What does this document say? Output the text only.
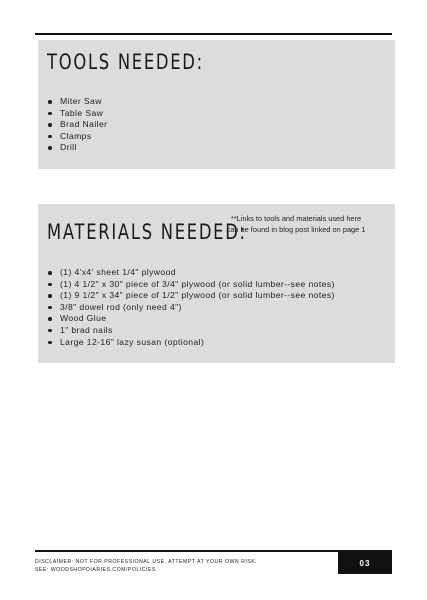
TOOLS NEEDED:
Miter Saw
Table Saw
Brad Nailer
Clamps
Drill
MATERIALS NEEDED:
**Links to tools and materials used here
can be found in blog post linked on page 1
(1) 4'x4' sheet 1/4" plywood
(1) 4 1/2" x 30" piece of 3/4" plywood (or solid lumber--see notes)
(1) 9 1/2" x 34" piece of 1/2" plywood (or solid lumber--see notes)
3/8" dowel rod (only need 4")
Wood Glue
1" brad nails
Large 12-16" lazy susan (optional)
DISCLAIMER: NOT FOR PROFESSIONAL USE. ATTEMPT AT YOUR OWN RISK.
SEE: WOODSHOPDIARIES.COM/POLICIES
03
